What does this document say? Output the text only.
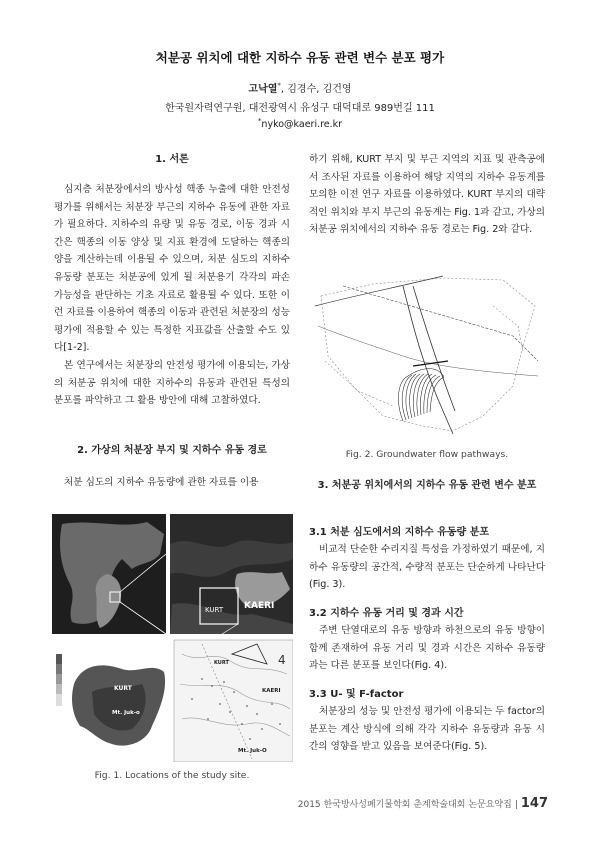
처분공 위치에 대한 지하수 유동 관련 변수 분포 평가
고낙열*, 김경수, 김건영
한국원자력연구원, 대전광역시 유성구 대덕대로 989번길 111
*nyko@kaeri.re.kr
1. 서론
심지층 처분장에서의 방사성 핵종 누출에 대한 안전성 평가를 위해서는 처분장 부근의 지하수 유동에 관한 자료가 필요하다. 지하수의 유량 및 유동 경로, 이동 경과 시간은 핵종의 이동 양상 및 지표 환경에 도달하는 핵종의 양을 계산하는데 이용될 수 있으며, 처분 심도의 지하수 유동량 분포는 처분공에 있게 될 처분용기 각각의 파손 가능성을 판단하는 기초 자료로 활용될 수 있다. 또한 이런 자료를 이용하여 핵종의 이동과 관련된 처분장의 성능 평가에 적용할 수 있는 특정한 지표값을 산출할 수도 있다[1-2].
본 연구에서는 처분장의 안전성 평가에 이용되는, 가상의 처분공 위치에 대한 지하수의 유동과 관련된 특성의 분포를 파악하고 그 활용 방안에 대해 고찰하였다.
2. 가상의 처분장 부지 및 지하수 유동 경로
처분 심도의 지하수 유동량에 관한 자료를 이용
KURT KAERI
KURT
Mt. Juk-o
4
KAERI
KURT
Mt. Juk-O
Fig. 1. Locations of the study site.
하기 위해, KURT 부지 및 부근 지역의 지표 및 관측공에서 조사된 자료를 이용하여 해당 지역의 지하수 유동계를 모의한 이전 연구 자료를 이용하였다. KURT 부지의 대략적인 위치와 부지 부근의 유동계는 Fig. 1과 같고, 가상의 처분공 위치에서의 지하수 유동 경로는 Fig. 2와 같다.
Fig. 2. Groundwater flow pathways.
3. 처분공 위치에서의 지하수 유동 관련 변수 분포
3.1 처분 심도에서의 지하수 유동량 분포
비교적 단순한 수리지질 특성을 가정하였기 때문에, 지하수 유동량의 공간적, 수량적 분포는 단순하게 나타난다(Fig. 3).
3.2 지하수 유동 거리 및 경과 시간
주변 단열대로의 유동 방향과 하천으로의 유동 방향이 함께 존재하여 유동 거리 및 경과 시간은 지하수 유동량과는 다른 분포를 보인다(Fig. 4).
3.3 U- 및 F-factor
처분장의 성능 및 안전성 평가에 이용되는 두 factor의 분포는 계산 방식에 의해 각각 지하수 유동량과 유동 시간의 영향을 받고 있음을 보여준다(Fig. 5).
2015 한국방사성폐기물학회 춘계학술대회 논문요약집 | 147
